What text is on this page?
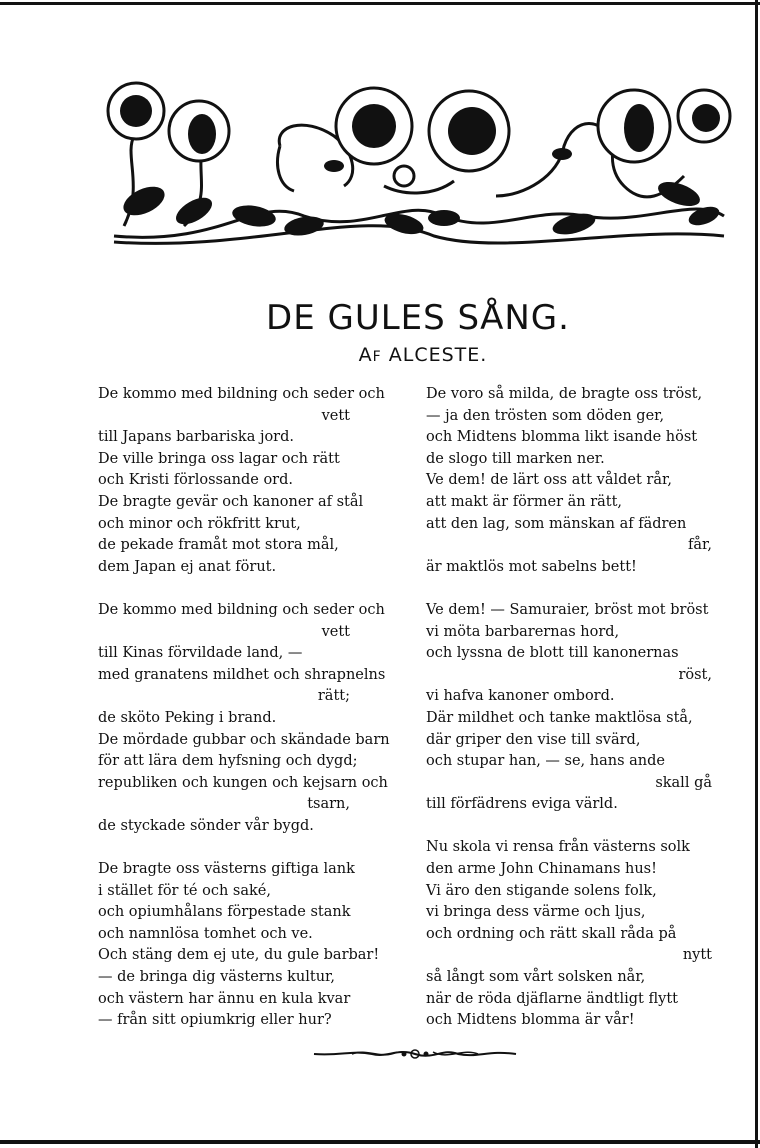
DE GULES SÅNG.
AF ALCESTE.
De kommo med bildning och seder och
vett
till Japans barbariska jord.
De ville bringa oss lagar och rätt
och Kristi förlossande ord.
De bragte gevär och kanoner af stål
och minor och rökfritt krut,
de pekade framåt mot stora mål,
dem Japan ej anat förut.
De kommo med bildning och seder och
vett
till Kinas förvildade land, —
med granatens mildhet och shrapnelns
rätt;
de sköto Peking i brand.
De mördade gubbar och skändade barn
för att lära dem hyfsning och dygd;
republiken och kungen och kejsarn och
tsarn,
de styckade sönder vår bygd.
De bragte oss västerns giftiga lank
i stället för té och saké,
och opiumhålans förpestade stank
och namnlösa tomhet och ve.
Och stäng dem ej ute, du gule barbar!
— de bringa dig västerns kultur,
och västern har ännu en kula kvar
— från sitt opiumkrig eller hur?
De voro så milda, de bragte oss tröst,
— ja den trösten som döden ger,
och Midtens blomma likt isande höst
de slogo till marken ner.
Ve dem! de lärt oss att våldet rår,
att makt är förmer än rätt,
att den lag, som mänskan af fädren
får,
är maktlös mot sabelns bett!
Ve dem! — Samuraier, bröst mot bröst
vi möta barbarernas hord,
och lyssna de blott till kanonernas
röst,
vi hafva kanoner ombord.
Där mildhet och tanke maktlösa stå,
där griper den vise till svärd,
och stupar han, — se, hans ande
skall gå
till förfädrens eviga värld.
Nu skola vi rensa från västerns solk
den arme John Chinamans hus!
Vi äro den stigande solens folk,
vi bringa dess värme och ljus,
och ordning och rätt skall råda på
nytt
så långt som vårt solsken når,
när de röda djäflarne ändtligt flytt
och Midtens blomma är vår!
